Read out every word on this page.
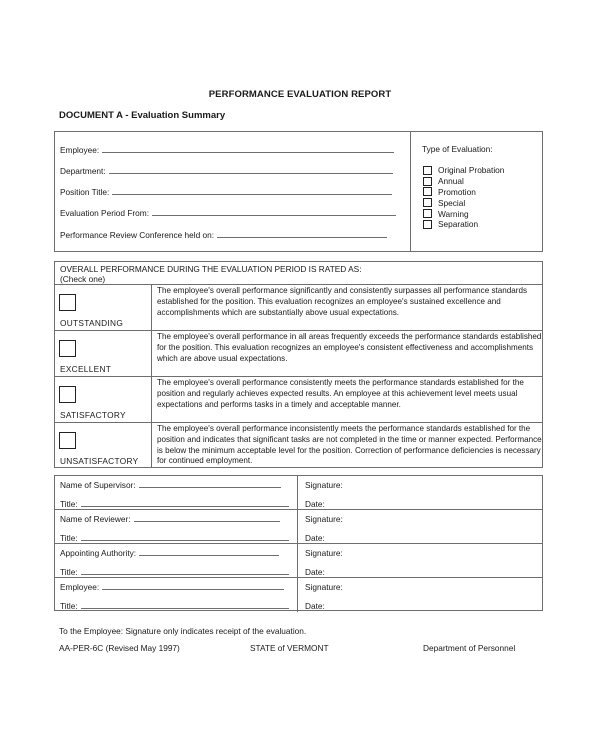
PERFORMANCE EVALUATION REPORT
DOCUMENT A - Evaluation Summary
Employee:
Department:
Position Title:
Evaluation Period From:
Performance Review Conference held on:
Type of Evaluation:
Original Probation
Annual
Promotion
Special
Warning
Separation
OVERALL PERFORMANCE DURING THE EVALUATION PERIOD IS RATED AS:
(Check one)
OUTSTANDING
The employee's overall performance significantly and consistently surpasses all performance standards established for the position. This evaluation recognizes an employee's sustained excellence and accomplishments which are substantially above usual expectations.
EXCELLENT
The employee's overall performance in all areas frequently exceeds the performance standards established for the position. This evaluation recognizes an employee's consistent effectiveness and accomplishments which are above usual expectations.
SATISFACTORY
The employee's overall performance consistently meets the performance standards established for the position and regularly achieves expected results. An employee at this achievement level meets usual expectations and performs tasks in a timely and acceptable manner.
UNSATISFACTORY
The employee's overall performance inconsistently meets the performance standards established for the position and indicates that significant tasks are not completed in the time or manner expected. Performance is below the minimum acceptable level for the position. Correction of performance deficiencies is necessary for continued employment.
Name of Supervisor:
Title:
Signature:
Date:
Name of Reviewer:
Title:
Signature:
Date:
Appointing Authority:
Title:
Signature:
Date:
Employee:
Title:
Signature:
Date:
To the Employee: Signature only indicates receipt of the evaluation.
AA-PER-6C (Revised May 1997)	STATE of VERMONT	Department of Personnel
